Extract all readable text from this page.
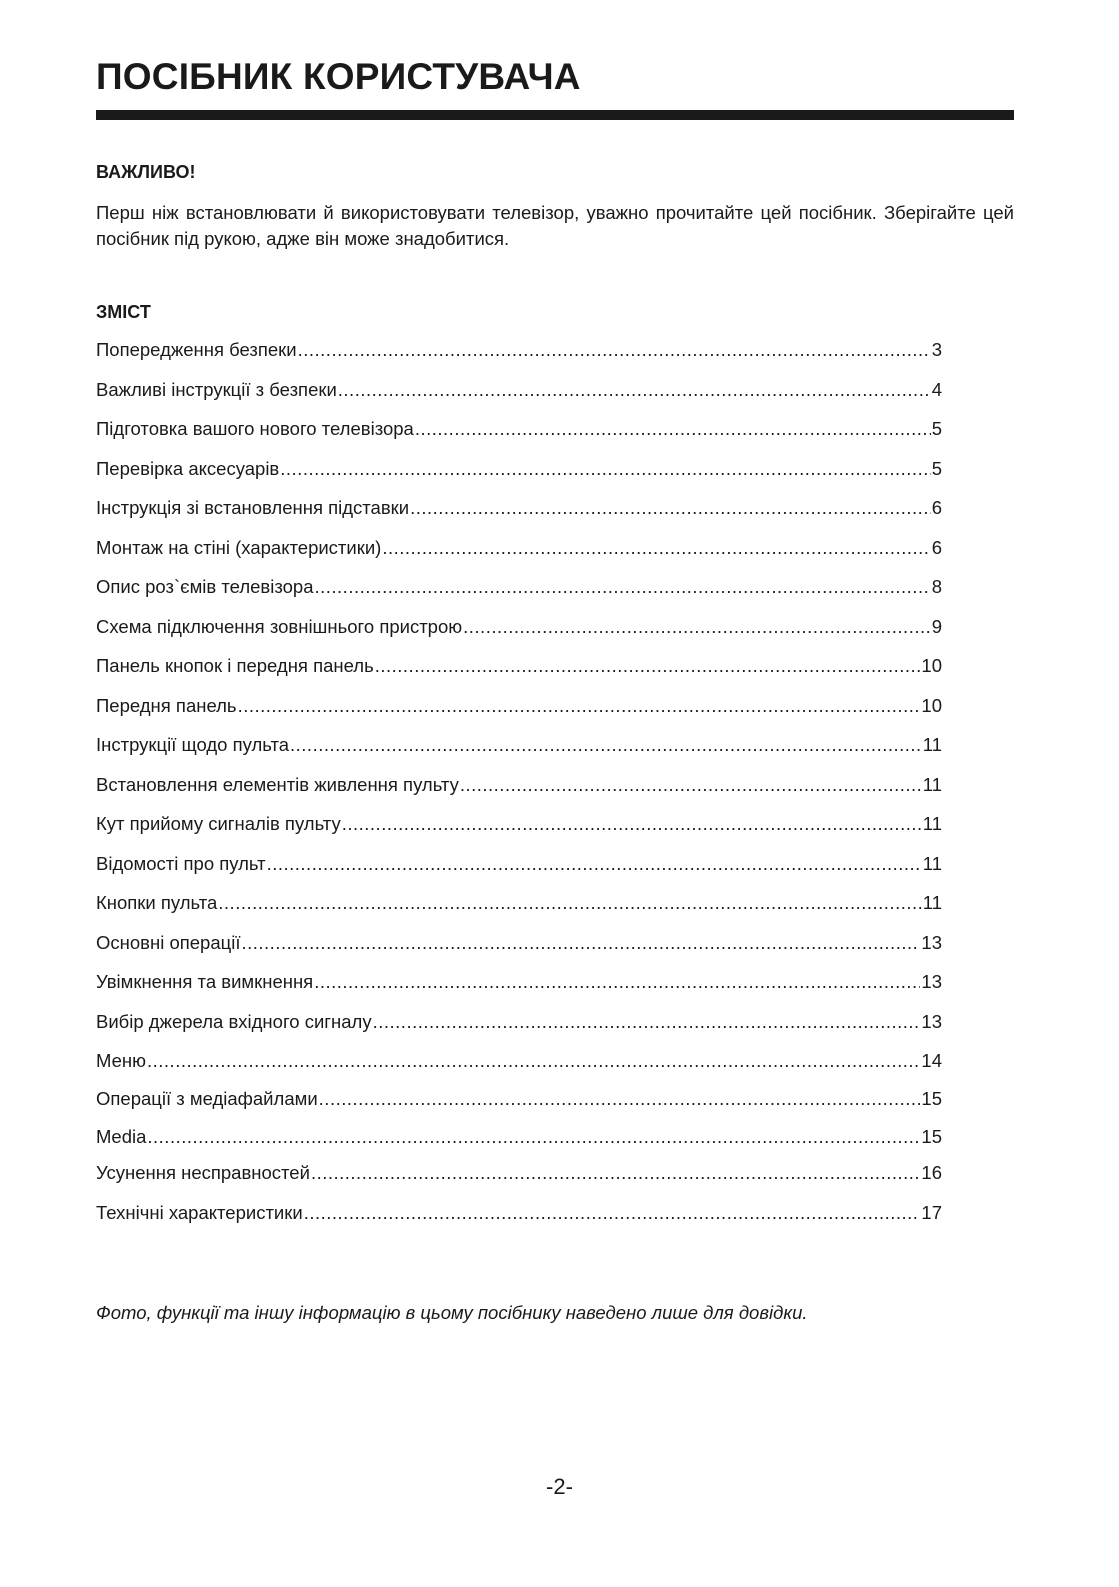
ПОСІБНИК КОРИСТУВАЧА
ВАЖЛИВО!

Перш ніж встановлювати й використовувати телевізор, уважно прочитайте цей посібник. Зберігайте цей посібник під рукою, адже він може знадобитися.

ЗМІСТ
Попередження безпеки .....	3
Важливі інструкції з безпеки .....	4
Підготовка вашого нового телевізора .....	5
Перевірка аксесуарів .....	5
Інструкція зі встановлення підставки .....	6
Монтаж на стіні (характеристики) .....	6
Опис роз`ємів телевізора .....	8
Схема підключення зовнішнього пристрою .....	9
Панель кнопок і передня панель .....	10
Передня панель .....	10
Інструкції щодо пульта .....	11
Встановлення елементів живлення пульту .....	11
Кут прийому сигналів пульту .....	11
Відомості про пульт .....	11
Кнопки пульта .....	11
Основні операції .....	13
Увімкнення та вимкнення .....	13
Вибір джерела вхідного сигналу .....	13
Меню .....	14
Операції з медіафайлами .....	15
Media .....	15
Усунення несправностей .....	16
Технічні характеристики .....	17

Фото, функції та іншу інформацію в цьому посібнику наведено лише для довідки.

-2-
